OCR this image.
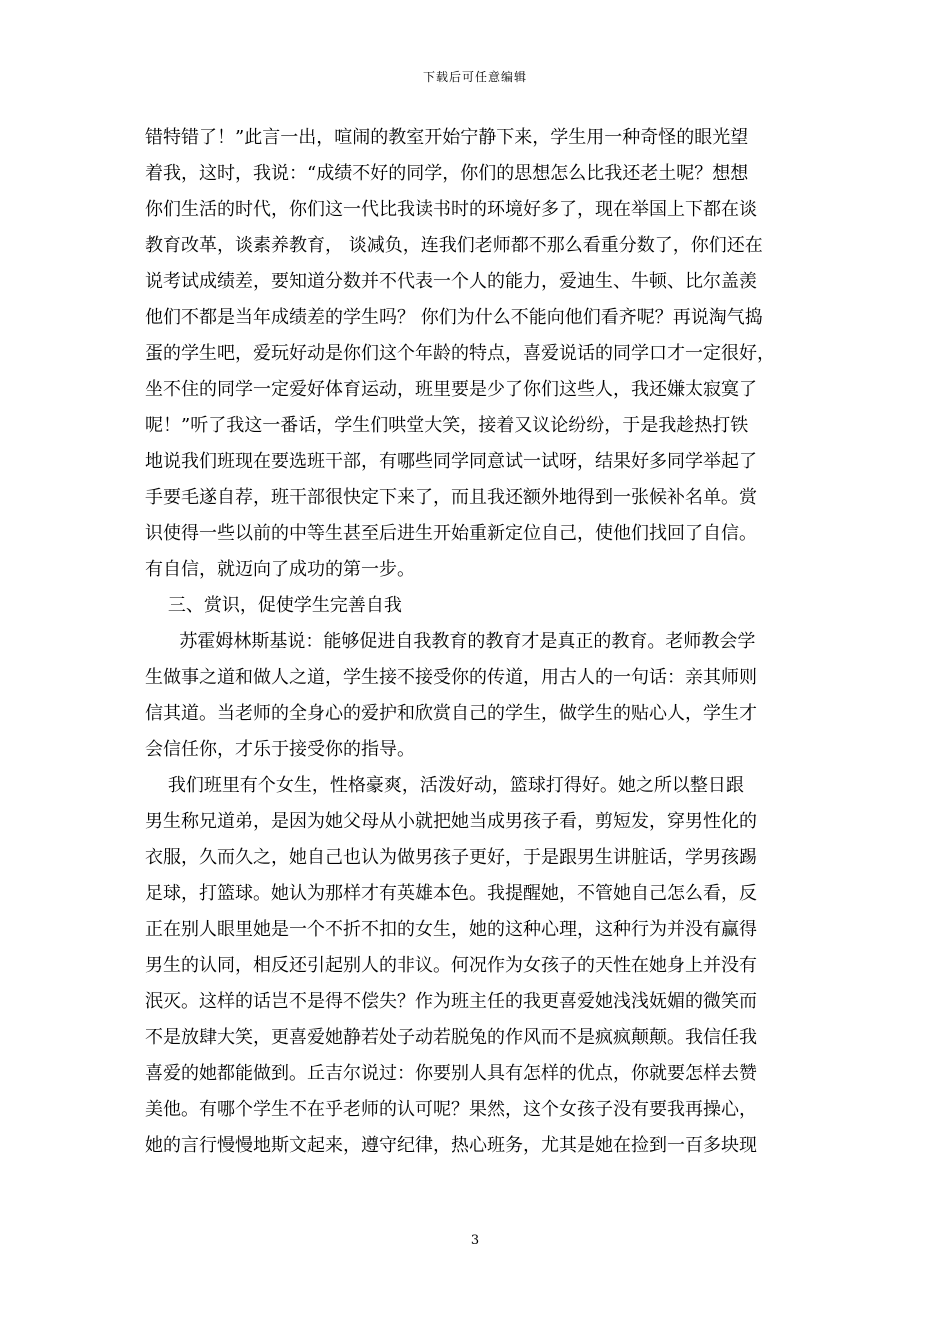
下载后可任意编辑
错特错了！”此言一出，喧闹的教室开始宁静下来，学生用一种奇怪的眼光望
着我，这时，我说：“成绩不好的同学，你们的思想怎么比我还老土呢？想想
你们生活的时代，你们这一代比我读书时的环境好多了，现在举国上下都在谈
教育改革，谈素养教育， 谈减负，连我们老师都不那么看重分数了，你们还在
说考试成绩差，要知道分数并不代表一个人的能力，爱迪生、牛顿、比尔盖羡
他们不都是当年成绩差的学生吗？ 你们为什么不能向他们看齐呢？再说淘气捣
蛋的学生吧，爱玩好动是你们这个年龄的特点，喜爱说话的同学口才一定很好，
坐不住的同学一定爱好体育运动，班里要是少了你们这些人，我还嫌太寂寞了
呢！”听了我这一番话，学生们哄堂大笑，接着又议论纷纷，于是我趁热打铁
地说我们班现在要选班干部，有哪些同学同意试一试呀，结果好多同学举起了
手要毛遂自荐，班干部很快定下来了，而且我还额外地得到一张候补名单。赏
识使得一些以前的中等生甚至后进生开始重新定位自己，使他们找回了自信。
有自信，就迈向了成功的第一步。
三、赏识，促使学生完善自我
苏霍姆林斯基说：能够促进自我教育的教育才是真正的教育。老师教会学
生做事之道和做人之道，学生接不接受你的传道，用古人的一句话：亲其师则
信其道。当老师的全身心的爱护和欣赏自己的学生，做学生的贴心人，学生才
会信任你，才乐于接受你的指导。
我们班里有个女生，性格豪爽，活泼好动，篮球打得好。她之所以整日跟
男生称兄道弟，是因为她父母从小就把她当成男孩子看，剪短发，穿男性化的
衣服，久而久之，她自己也认为做男孩子更好，于是跟男生讲脏话，学男孩踢
足球，打篮球。她认为那样才有英雄本色。我提醒她，不管她自己怎么看，反
正在别人眼里她是一个不折不扣的女生，她的这种心理，这种行为并没有赢得
男生的认同，相反还引起别人的非议。何况作为女孩子的天性在她身上并没有
泯灭。这样的话岂不是得不偿失？作为班主任的我更喜爱她浅浅妩媚的微笑而
不是放肆大笑，更喜爱她静若处子动若脱兔的作风而不是疯疯颠颠。我信任我
喜爱的她都能做到。丘吉尔说过：你要别人具有怎样的优点，你就要怎样去赞
美他。有哪个学生不在乎老师的认可呢？果然，这个女孩子没有要我再操心，
她的言行慢慢地斯文起来，遵守纪律，热心班务，尤其是她在捡到一百多块现
3
